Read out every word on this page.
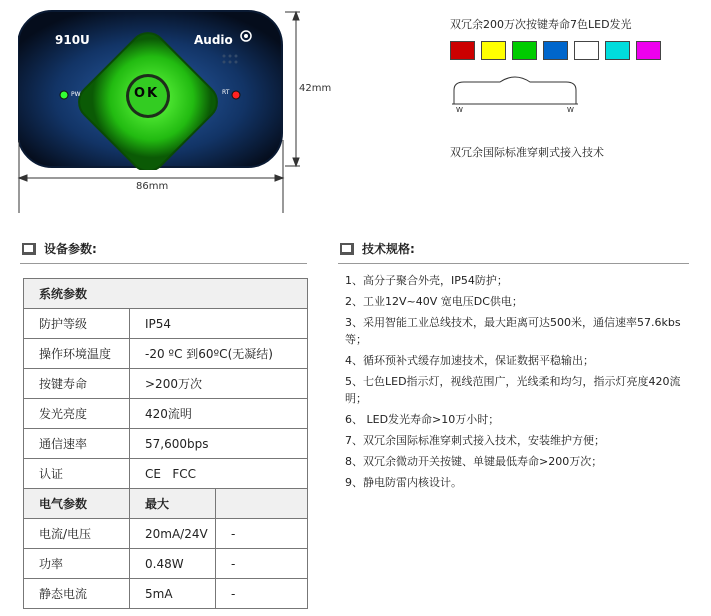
910U	Audio
PW	RT
OK	42mm
86mm
双冗余200万次按键寿命7色LED发光
W	W
双冗余国际标准穿刺式接入技术
设备参数:
系统参数		
防护等级	IP54	
操作环境温度	-20 ºC 到60ºC(无凝结)	
按键寿命	>200万次	
发光亮度	420流明	
通信速率	57,600bps	
认证	CE   FCC	
电气参数	最大	
电流/电压	20mA/24V	-
功率	0.48W	-
静态电流	5mA	-
技术规格:

1、高分子聚合外壳，IP54防护；

2、工业12V~40V 宽电压DC供电；

3、采用智能工业总线技术，最大距离可达500米，通信速率57.6kbs等；

4、循环预补式缓存加速技术，保证数据平稳输出；

5、七色LED指示灯，视线范围广，光线柔和均匀，指示灯亮度420流明；

6、 LED发光寿命>10万小时；

7、双冗余国际标准穿刺式接入技术，安装维护方便；

8、双冗余微动开关按键、单键最低寿命>200万次；

9、静电防雷内核设计。
